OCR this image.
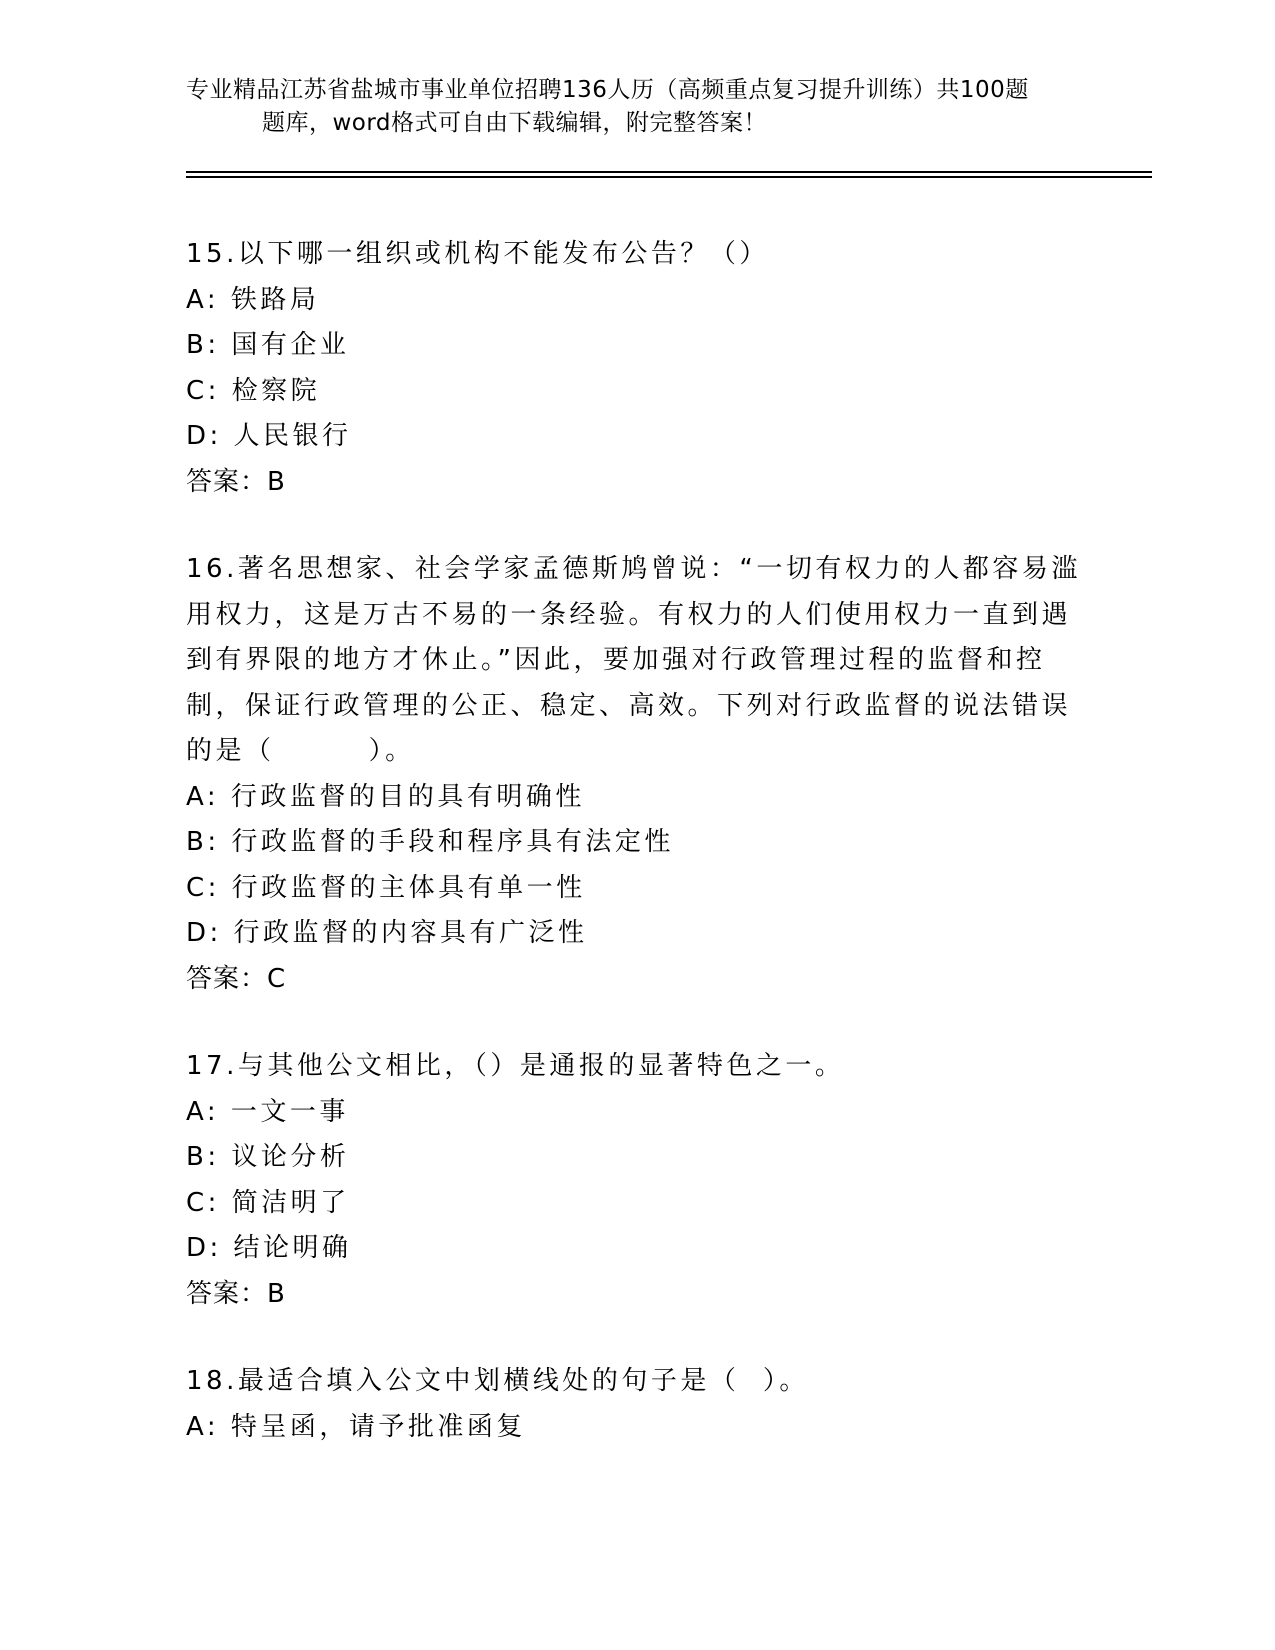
专业精品江苏省盐城市事业单位招聘136人历（高频重点复习提升训练）共100题
题库，word格式可自由下载编辑，附完整答案！
15.以下哪一组织或机构不能发布公告？（）
A: 铁路局
B: 国有企业
C: 检察院
D: 人民银行
答案：B
16.著名思想家、社会学家孟德斯鸠曾说：“一切有权力的人都容易滥用权力，这是万古不易的一条经验。有权力的人们使用权力一直到遇到有界限的地方才休止。”因此，要加强对行政管理过程的监督和控制，保证行政管理的公正、稳定、高效。下列对行政监督的说法错误的是（        ）。
A: 行政监督的目的具有明确性
B: 行政监督的手段和程序具有法定性
C: 行政监督的主体具有单一性
D: 行政监督的内容具有广泛性
答案：C
17.与其他公文相比，（）是通报的显著特色之一。
A: 一文一事
B: 议论分析
C: 简洁明了
D: 结论明确
答案：B
18.最适合填入公文中划横线处的句子是（  ）。
A: 特呈函，请予批准函复
